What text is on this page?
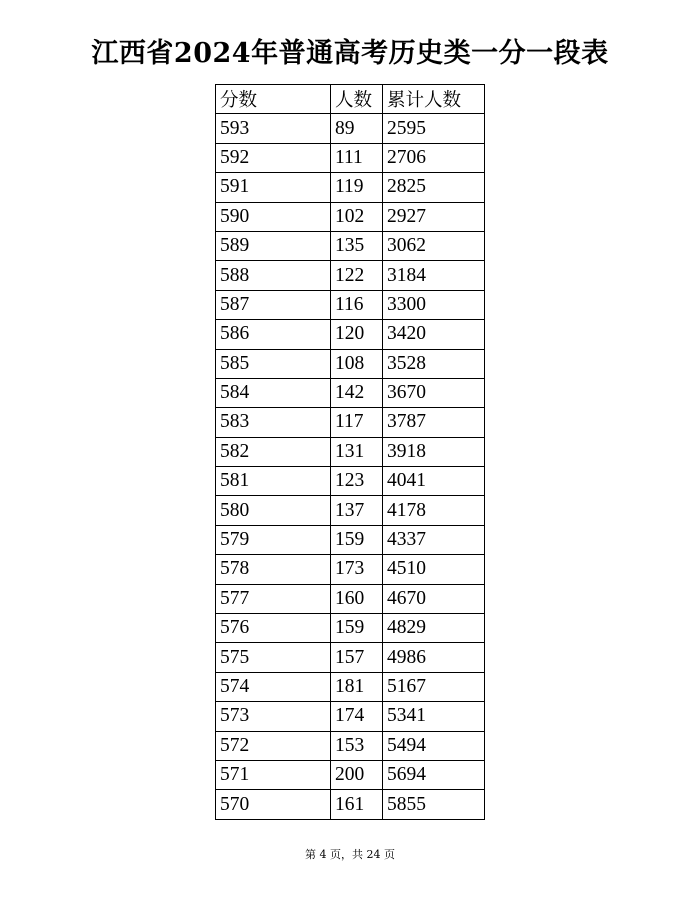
江西省2024年普通高考历史类一分一段表
分数	人数	累计人数
593	89	2595
592	111	2706
591	119	2825
590	102	2927
589	135	3062
588	122	3184
587	116	3300
586	120	3420
585	108	3528
584	142	3670
583	117	3787
582	131	3918
581	123	4041
580	137	4178
579	159	4337
578	173	4510
577	160	4670
576	159	4829
575	157	4986
574	181	5167
573	174	5341
572	153	5494
571	200	5694
570	161	5855
第 4 页，共 24 页
